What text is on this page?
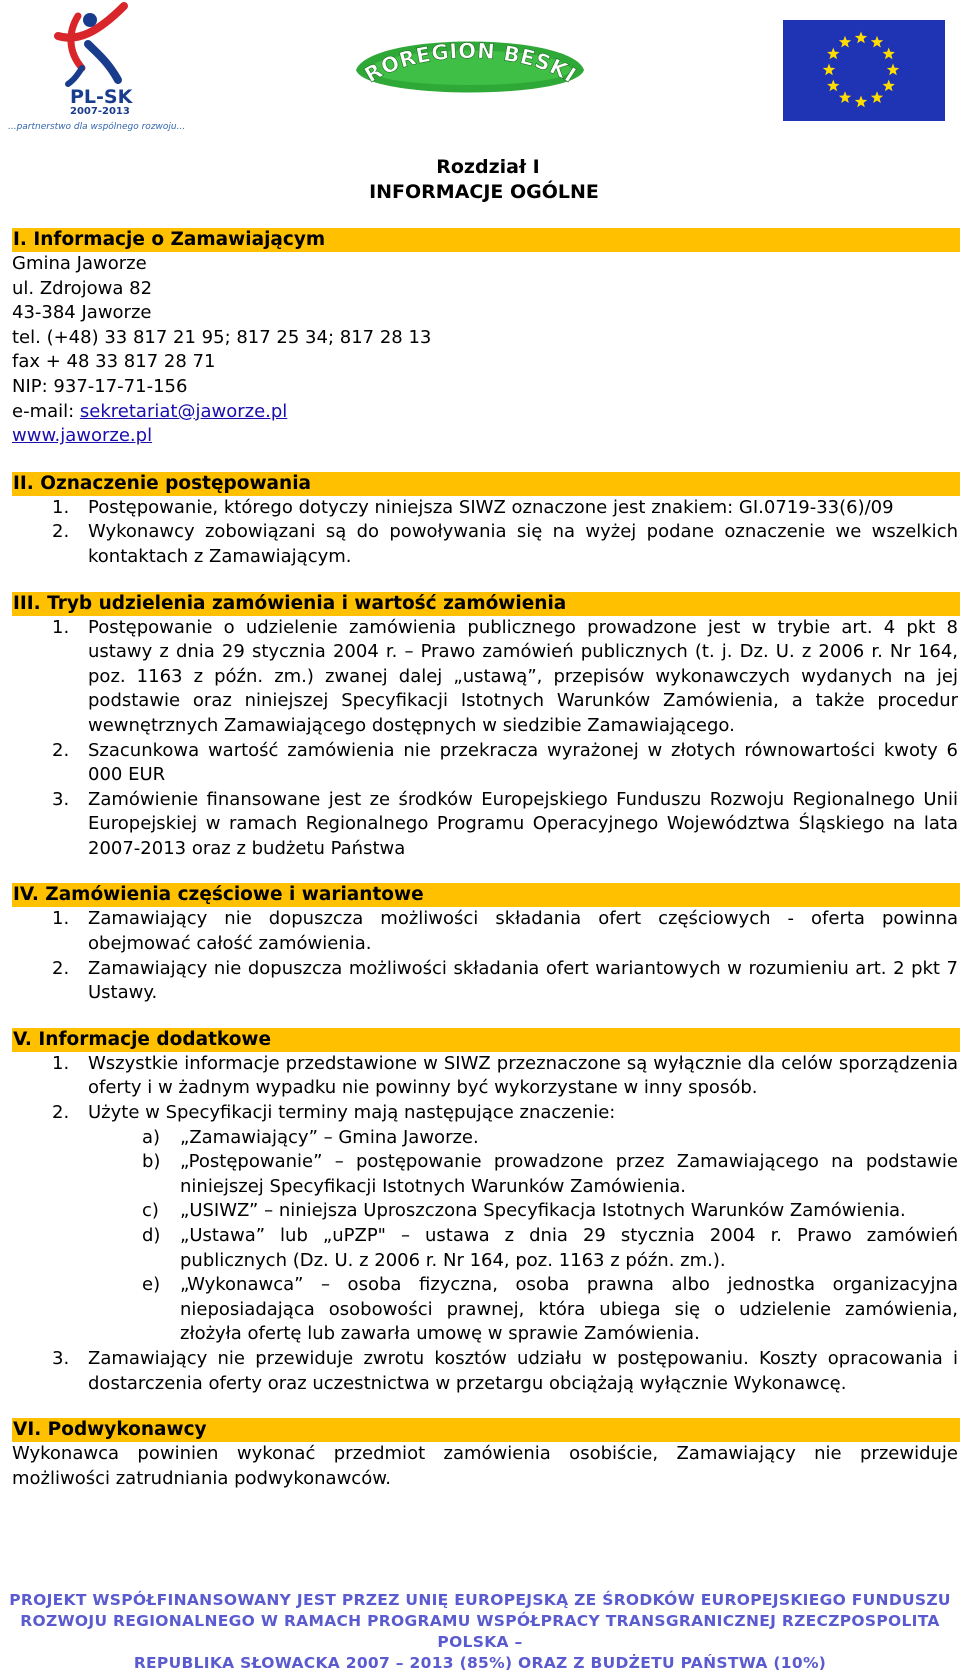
PL-SK
2007-2013
...partnerstwo dla wspólnego rozwoju...
ROREGION BESKI
Rozdział I
INFORMACJE OGÓLNE
I. Informacje o Zamawiającym
Gmina Jaworze
ul. Zdrojowa 82
43-384 Jaworze
tel. (+48) 33 817 21 95; 817 25 34; 817 28 13
fax + 48 33 817 28 71
NIP: 937-17-71-156
e-mail: sekretariat@jaworze.pl
www.jaworze.pl
II. Oznaczenie postępowania
1. Postępowanie, którego dotyczy niniejsza SIWZ oznaczone jest znakiem: GI.0719-33(6)/09
2. Wykonawcy zobowiązani są do powoływania się na wyżej podane oznaczenie we wszelkich kontaktach z Zamawiającym.
III. Tryb udzielenia zamówienia i wartość zamówienia
1. Postępowanie o udzielenie zamówienia publicznego prowadzone jest w trybie art. 4 pkt 8 ustawy z dnia 29 stycznia 2004 r. – Prawo zamówień publicznych (t. j. Dz. U. z 2006 r. Nr 164, poz. 1163 z późn. zm.) zwanej dalej „ustawą”, przepisów wykonawczych wydanych na jej podstawie oraz niniejszej Specyfikacji Istotnych Warunków Zamówienia, a także procedur wewnętrznych Zamawiającego dostępnych w siedzibie Zamawiającego.
2. Szacunkowa wartość zamówienia nie przekracza wyrażonej w złotych równowartości kwoty 6 000 EUR
3. Zamówienie finansowane jest ze środków Europejskiego Funduszu Rozwoju Regionalnego Unii Europejskiej w ramach Regionalnego Programu Operacyjnego Województwa Śląskiego na lata 2007-2013 oraz z budżetu Państwa
IV. Zamówienia częściowe i wariantowe
1. Zamawiający nie dopuszcza możliwości składania ofert częściowych - oferta powinna obejmować całość zamówienia.
2. Zamawiający nie dopuszcza możliwości składania ofert wariantowych w rozumieniu art. 2 pkt 7 Ustawy.
V. Informacje dodatkowe
1. Wszystkie informacje przedstawione w SIWZ przeznaczone są wyłącznie dla celów sporządzenia oferty i w żadnym wypadku nie powinny być wykorzystane w inny sposób.
2. Użyte w Specyfikacji terminy mają następujące znaczenie:
a) „Zamawiający” – Gmina Jaworze.
b) „Postępowanie” – postępowanie prowadzone przez Zamawiającego na podstawie niniejszej Specyfikacji Istotnych Warunków Zamówienia.
c) „USIWZ” – niniejsza Uproszczona Specyfikacja Istotnych Warunków Zamówienia.
d) „Ustawa” lub „uPZP" – ustawa z dnia 29 stycznia 2004 r. Prawo zamówień publicznych (Dz. U. z 2006 r. Nr 164, poz. 1163 z późn. zm.).
e) „Wykonawca” – osoba fizyczna, osoba prawna albo jednostka organizacyjna nieposiadająca osobowości prawnej, która ubiega się o udzielenie zamówienia, złożyła ofertę lub zawarła umowę w sprawie Zamówienia.
3. Zamawiający nie przewiduje zwrotu kosztów udziału w postępowaniu. Koszty opracowania i dostarczenia oferty oraz uczestnictwa w przetargu obciążają wyłącznie Wykonawcę.
VI. Podwykonawcy
Wykonawca powinien wykonać przedmiot zamówienia osobiście, Zamawiający nie przewiduje możliwości zatrudniania podwykonawców.
PROJEKT WSPÓŁFINANSOWANY JEST PRZEZ UNIĘ EUROPEJSKĄ ZE ŚRODKÓW EUROPEJSKIEGO FUNDUSZU
ROZWOJU REGIONALNEGO W RAMACH PROGRAMU WSPÓŁPRACY TRANSGRANICZNEJ RZECZPOSPOLITA POLSKA –
REPUBLIKA SŁOWACKA 2007 – 2013 (85%) ORAZ Z BUDŻETU PAŃSTWA (10%)
